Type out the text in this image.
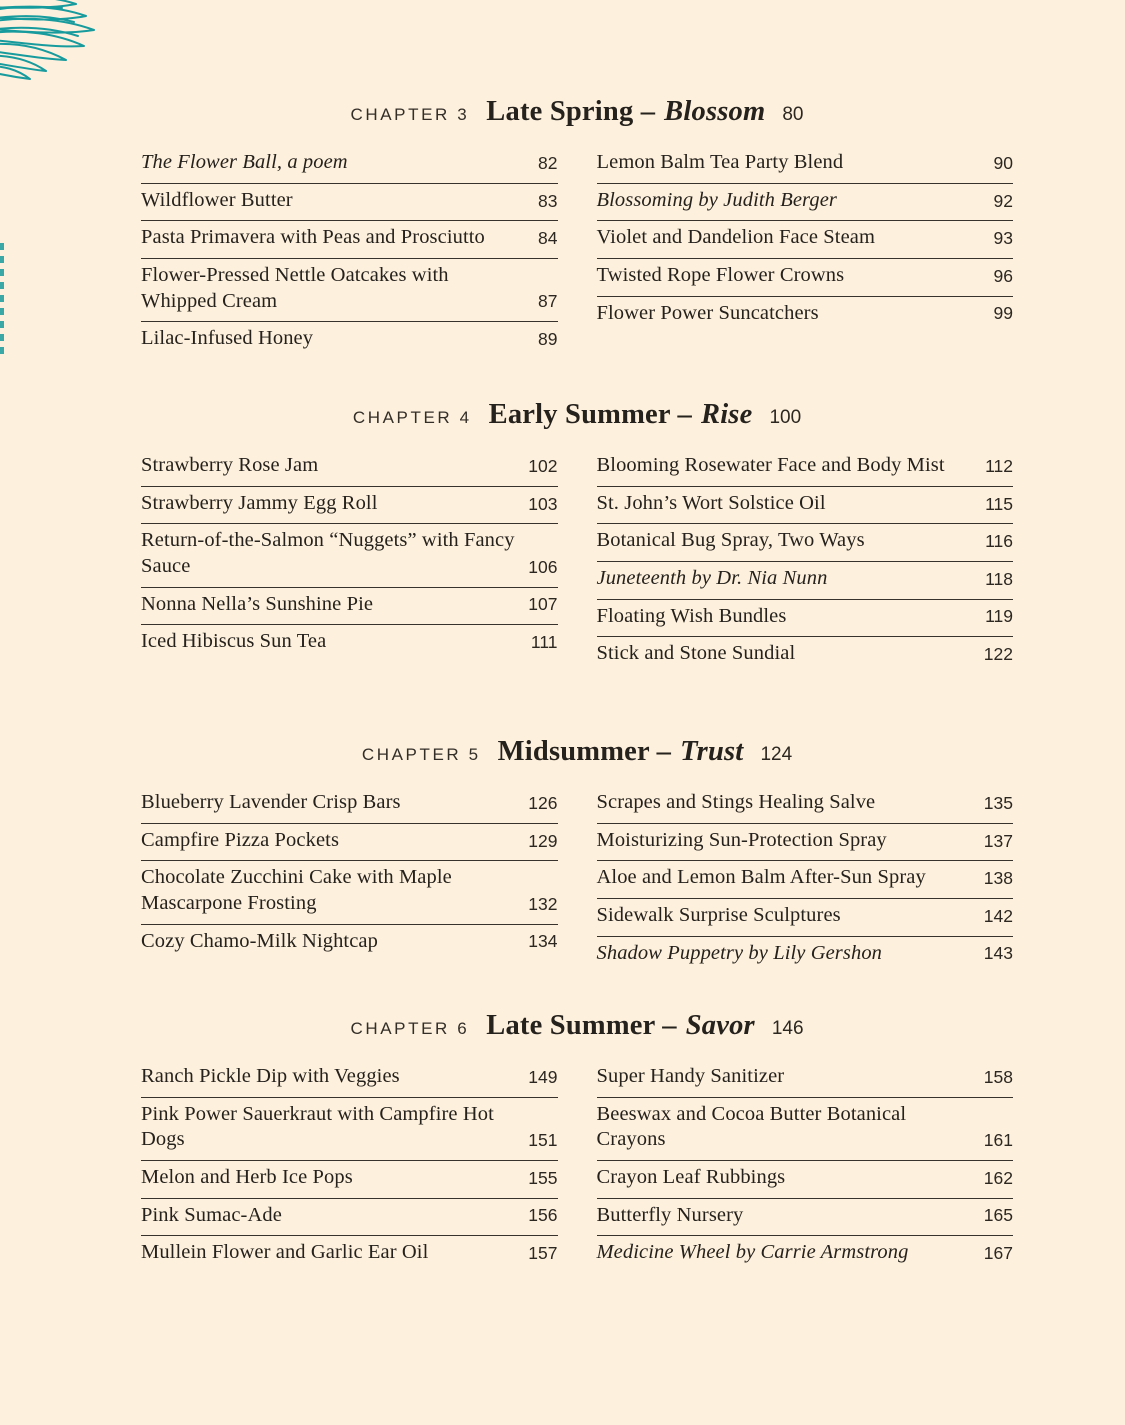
CHAPTER 3 Late Spring – Blossom 80
The Flower Ball, a poem	82
Wildflower Butter	83
Pasta Primavera with Peas and Prosciutto	84
Flower-Pressed Nettle Oatcakes with Whipped Cream	87
Lilac-Infused Honey	89
Lemon Balm Tea Party Blend	90
Blossoming by Judith Berger	92
Violet and Dandelion Face Steam	93
Twisted Rope Flower Crowns	96
Flower Power Suncatchers	99
CHAPTER 4 Early Summer – Rise 100
Strawberry Rose Jam	102
Strawberry Jammy Egg Roll	103
Return-of-the-Salmon “Nuggets” with Fancy Sauce	106
Nonna Nella’s Sunshine Pie	107
Iced Hibiscus Sun Tea	111
Blooming Rosewater Face and Body Mist 112
St. John’s Wort Solstice Oil	115
Botanical Bug Spray, Two Ways	116
Juneteenth by Dr. Nia Nunn	118
Floating Wish Bundles	119
Stick and Stone Sundial	122
CHAPTER 5 Midsummer – Trust 124
Blueberry Lavender Crisp Bars	126
Campfire Pizza Pockets	129
Chocolate Zucchini Cake with Maple Mascarpone Frosting	132
Cozy Chamo-Milk Nightcap	134
Scrapes and Stings Healing Salve	135
Moisturizing Sun-Protection Spray	137
Aloe and Lemon Balm After-Sun Spray	138
Sidewalk Surprise Sculptures	142
Shadow Puppetry by Lily Gershon	143
CHAPTER 6 Late Summer – Savor 146
Ranch Pickle Dip with Veggies	149
Pink Power Sauerkraut with Campfire Hot Dogs	151
Melon and Herb Ice Pops	155
Pink Sumac-Ade	156
Mullein Flower and Garlic Ear Oil	157
Super Handy Sanitizer	158
Beeswax and Cocoa Butter Botanical Crayons	161
Crayon Leaf Rubbings	162
Butterfly Nursery	165
Medicine Wheel by Carrie Armstrong	167
